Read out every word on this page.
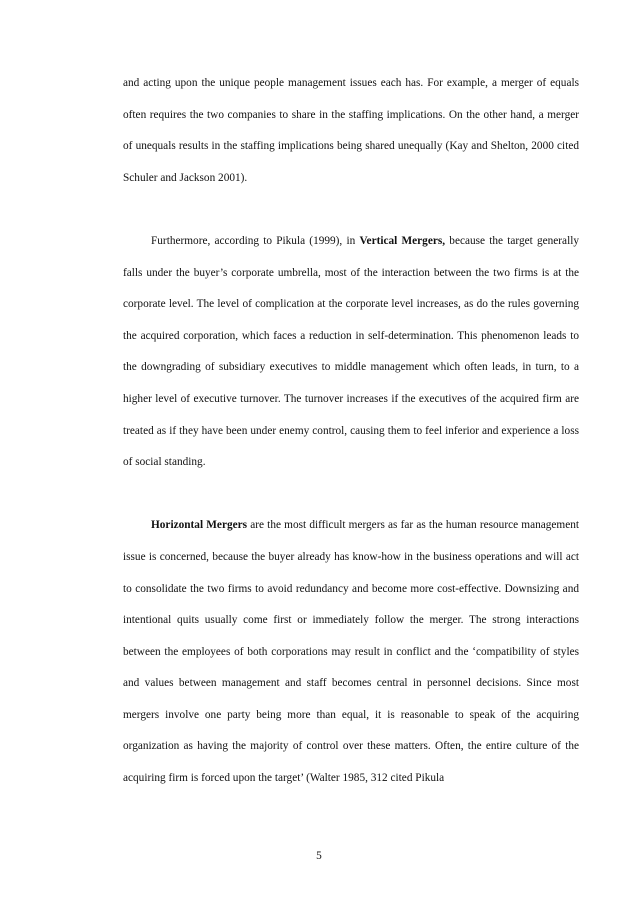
and acting upon the unique people management issues each has. For example, a merger of equals often requires the two companies to share in the staffing implications. On the other hand, a merger of unequals results in the staffing implications being shared unequally (Kay and Shelton, 2000 cited Schuler and Jackson 2001).

Furthermore, according to Pikula (1999), in Vertical Mergers, because the target generally falls under the buyer’s corporate umbrella, most of the interaction between the two firms is at the corporate level. The level of complication at the corporate level increases, as do the rules governing the acquired corporation, which faces a reduction in self-determination. This phenomenon leads to the downgrading of subsidiary executives to middle management which often leads, in turn, to a higher level of executive turnover. The turnover increases if the executives of the acquired firm are treated as if they have been under enemy control, causing them to feel inferior and experience a loss of social standing.

Horizontal Mergers are the most difficult mergers as far as the human resource management issue is concerned, because the buyer already has know-how in the business operations and will act to consolidate the two firms to avoid redundancy and become more cost-effective. Downsizing and intentional quits usually come first or immediately follow the merger. The strong interactions between the employees of both corporations may result in conflict and the ‘compatibility of styles and values between management and staff becomes central in personnel decisions. Since most mergers involve one party being more than equal, it is reasonable to speak of the acquiring organization as having the majority of control over these matters. Often, the entire culture of the acquiring firm is forced upon the target’ (Walter 1985, 312 cited Pikula

5
